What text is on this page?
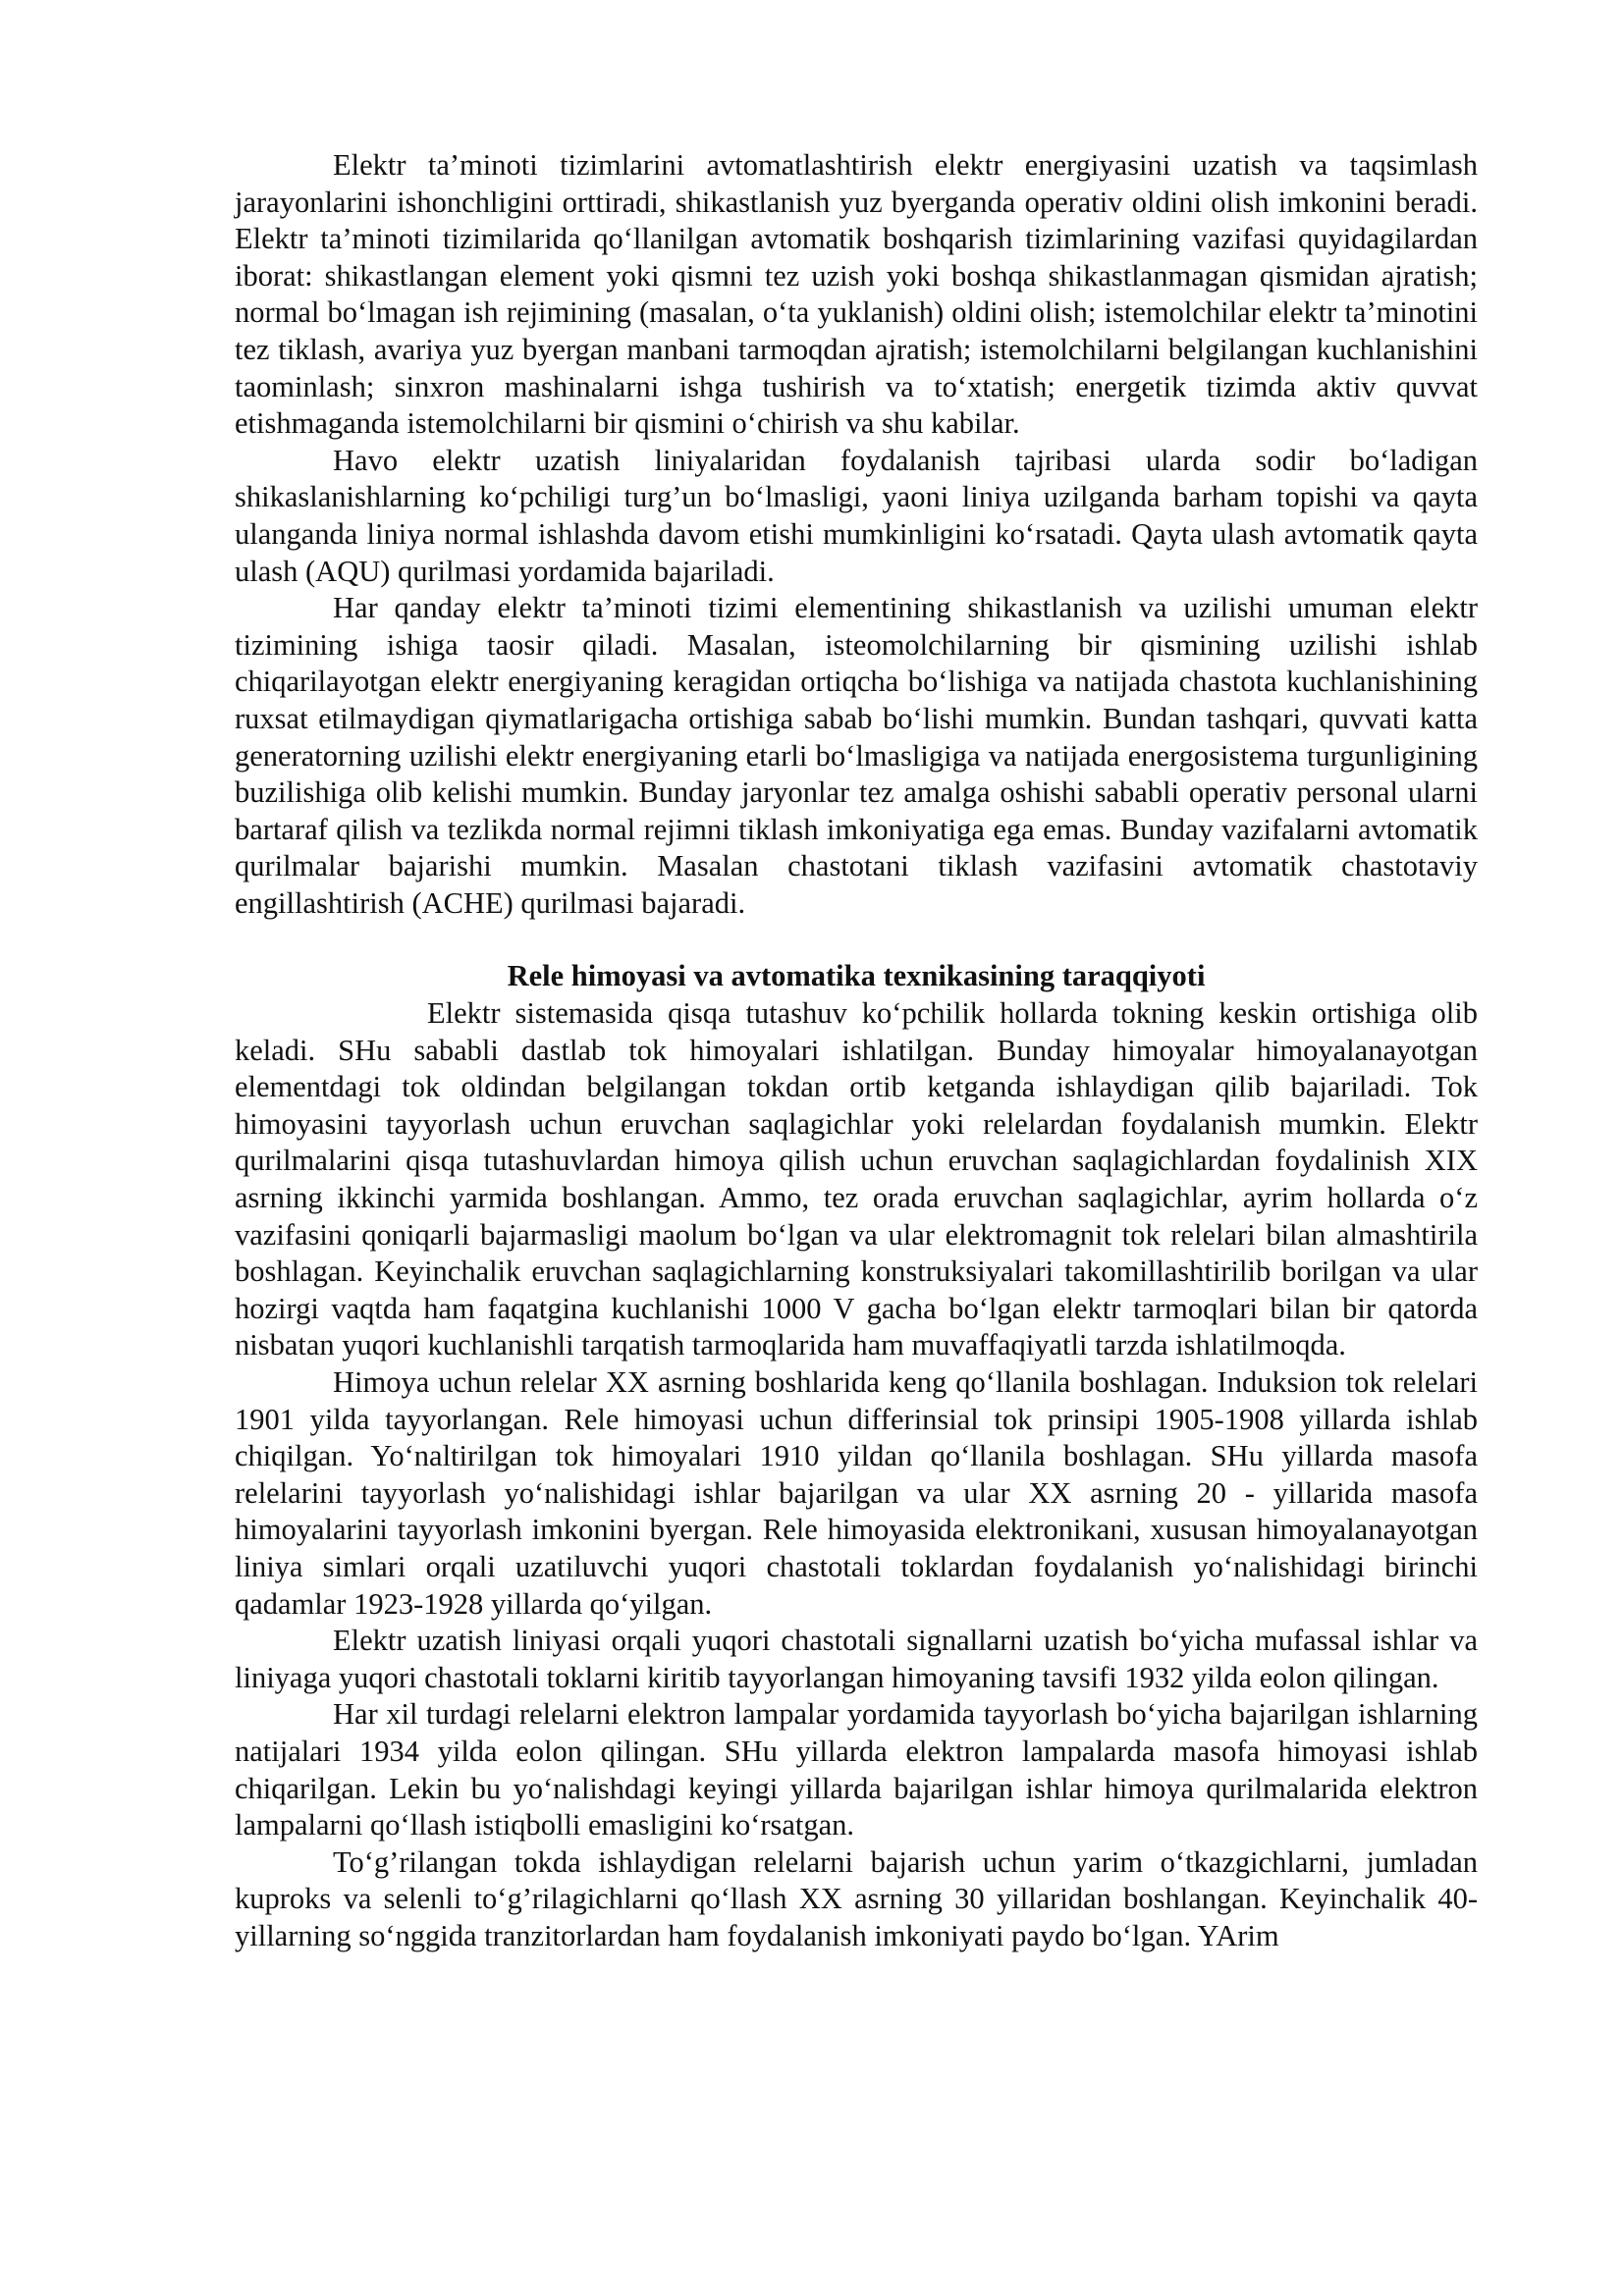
Elektr ta’minoti tizimlarini avtomatlashtirish elektr energiyasini uzatish va taqsimlash jarayonlarini ishonchligini orttiradi, shikastlanish yuz byerganda operativ oldini olish imkonini beradi. Elektr ta’minoti tizimilarida qo‘llanilgan avtomatik boshqarish tizimlarining vazifasi quyidagilardan iborat: shikastlangan element yoki qismni tez uzish yoki boshqa shikastlanmagan qismidan ajratish; normal bo‘lmagan ish rejimining (masalan, o‘ta yuklanish) oldini olish; istemolchilar elektr ta’minotini tez tiklash, avariya yuz byergan manbani tarmoqdan ajratish; istemolchilarni belgilangan kuchlanishini taominlash; sinxron mashinalarni ishga tushirish va to‘xtatish; energetik tizimda aktiv quvvat etishmaganda istemolchilarni bir qismini o‘chirish va shu kabilar.

Havo elektr uzatish liniyalaridan foydalanish tajribasi ularda sodir bo‘ladigan shikaslanishlarning ko‘pchiligi turg’un bo‘lmasligi, yaoni liniya uzilganda barham topishi va qayta ulanganda liniya normal ishlashda davom etishi mumkinligini ko‘rsatadi. Qayta ulash avtomatik qayta ulash (AQU) qurilmasi yordamida bajariladi.

Har qanday elektr ta’minoti tizimi elementining shikastlanish va uzilishi umuman elektr tizimining ishiga taosir qiladi. Masalan, isteomolchilarning bir qismining uzilishi ishlab chiqarilayotgan elektr energiyaning keragidan ortiqcha bo‘lishiga va natijada chastota kuchlanishining ruxsat etilmaydigan qiymatlarigacha ortishiga sabab bo‘lishi mumkin. Bundan tashqari, quvvati katta generatorning uzilishi elektr energiyaning etarli bo‘lmasligiga va natijada energosistema turgunligining buzilishiga olib kelishi mumkin. Bunday jaryonlar tez amalga oshishi sababli operativ personal ularni bartaraf qilish va tezlikda normal rejimni tiklash imkoniyatiga ega emas. Bunday vazifalarni avtomatik qurilmalar bajarishi mumkin. Masalan chastotani tiklash vazifasini avtomatik chastotaviy engillashtirish (ACHE) qurilmasi bajaradi.

Rele himoyasi va avtomatika texnikasining taraqqiyoti

Elektr sistemasida qisqa tutashuv ko‘pchilik hollarda tokning keskin ortishiga olib keladi. SHu sababli dastlab tok himoyalari ishlatilgan. Bunday himoyalar himoyalanayotgan elementdagi tok oldindan belgilangan tokdan ortib ketganda ishlaydigan qilib bajariladi. Tok himoyasini tayyorlash uchun eruvchan saqlagichlar yoki relelardan foydalanish mumkin. Elektr qurilmalarini qisqa tutashuvlardan himoya qilish uchun eruvchan saqlagichlardan foydalinish XIX asrning ikkinchi yarmida boshlangan. Ammo, tez orada eruvchan saqlagichlar, ayrim hollarda o‘z vazifasini qoniqarli bajarmasligi maolum bo‘lgan va ular elektromagnit tok relelari bilan almashtirila boshlagan. Keyinchalik eruvchan saqlagichlarning konstruksiyalari takomillashtirilib borilgan va ular hozirgi vaqtda ham faqatgina kuchlanishi 1000 V gacha bo‘lgan elektr tarmoqlari bilan bir qatorda nisbatan yuqori kuchlanishli tarqatish tarmoqlarida ham muvaffaqiyatli tarzda ishlatilmoqda.

Himoya uchun relelar XX asrning boshlarida keng qo‘llanila boshlagan. Induksion tok relelari 1901 yilda tayyorlangan. Rele himoyasi uchun differinsial tok prinsipi 1905-1908 yillarda ishlab chiqilgan. Yo‘naltirilgan tok himoyalari 1910 yildan qo‘llanila boshlagan. SHu yillarda masofa relelarini tayyorlash yo‘nalishidagi ishlar bajarilgan va ular XX asrning 20 - yillarida masofa himoyalarini tayyorlash imkonini byergan. Rele himoyasida elektronikani, xususan himoyalanayotgan liniya simlari orqali uzatiluvchi yuqori chastotali toklardan foydalanish yo‘nalishidagi birinchi qadamlar 1923-1928 yillarda qo‘yilgan.

Elektr uzatish liniyasi orqali yuqori chastotali signallarni uzatish bo‘yicha mufassal ishlar va liniyaga yuqori chastotali toklarni kiritib tayyorlangan himoyaning tavsifi 1932 yilda eolon qilingan.

Har xil turdagi relelarni elektron lampalar yordamida tayyorlash bo‘yicha bajarilgan ishlarning natijalari 1934 yilda eolon qilingan. SHu yillarda elektron lampalarda masofa himoyasi ishlab chiqarilgan. Lekin bu yo‘nalishdagi keyingi yillarda bajarilgan ishlar himoya qurilmalarida elektron lampalarni qo‘llash istiqbolli emasligini ko‘rsatgan.

To‘g’rilangan tokda ishlaydigan relelarni bajarish uchun yarim o‘tkazgichlarni, jumladan kuproks va selenli to‘g’rilagichlarni qo‘llash XX asrning 30 yillaridan boshlangan. Keyinchalik 40-yillarning so‘nggida tranzitorlardan ham foydalanish imkoniyati paydo bo‘lgan. YArim
